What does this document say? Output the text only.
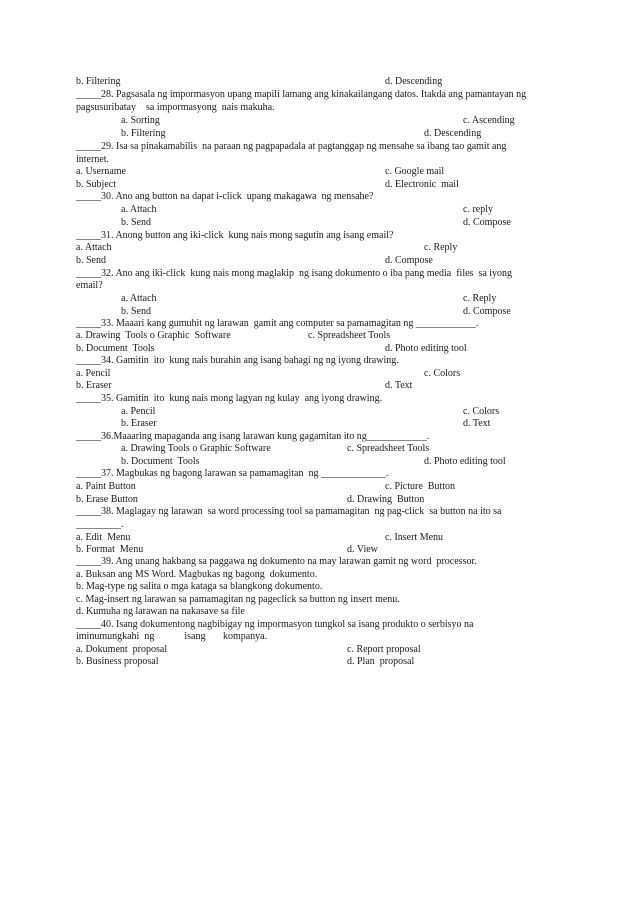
b. Filtering	d. Descending
_____28. Pagsasala ng impormasyon upang mapili lamang ang kinakailangang datos. Itakda ang pamantayan ng
pagsusuribatay    sa impormasyong  nais makuha.
a. Sorting	c. Ascending
b. Filtering	d. Descending
_____29. Isa sa pinakamabilis  na paraan ng pagpapadala at pagtanggap ng mensahe sa ibang tao gamit ang
internet.
a. Username	c. Google mail
b. Subject	d. Electronic  mail
_____30. Ano ang button na dapat i-click  upang makagawa  ng mensahe?
a. Attach	c. reply
b. Send	d. Compose
_____31. Anong button ang iki-click  kung nais mong sagutin ang isang email?
a. Attach	c. Reply
b. Send	d. Compose
_____32. Ano ang iki-click  kung nais mong maglakip  ng isang dokumento o iba pang media  files  sa iyong
email?
a. Attach	c. Reply
b. Send	d. Compose
_____33. Maaari kang gumuhit ng larawan  gamit ang computer sa pamamagitan ng ____________.
a. Drawing  Tools o Graphic  Software	c. Spreadsheet Tools
b. Document  Tools	d. Photo editing tool
_____34. Gamitin  ito  kung nais burahin ang isang bahagi ng ng iyong drawing.
a. Pencil	c. Colors
b. Eraser	d. Text
_____35. Gamitin  ito  kung nais mong lagyan ng kulay  ang iyong drawing.
a. Pencil	c. Colors
b. Eraser	d. Text
_____36.Maaaring mapaganda ang isang larawan kung gagamitan ito ng____________.
a. Drawing Tools o Graphic Software	c. Spreadsheet Tools
b. Document  Tools	d. Photo editing tool
_____37. Magbukas ng bagong larawan sa pamamagitan  ng _____________.
a. Paint Button	c. Picture  Button
b. Erase Button	d. Drawing  Button
_____38. Maglagay ng larawan  sa word processing tool sa pamamagitan  ng pag-click  sa button na ito sa
_________.
a. Edit  Menu	c. Insert Menu
b. Format  Menu	d. View
_____39. Ang unang hakbang sa paggawa ng dokumento na may larawan gamit ng word  processor.
a. Buksan ang MS Word. Magbukas ng bagong  dokumento.
b. Mag-type ng salita o mga kataga sa blangkong dokumento.
c. Mag-insert ng larawan sa pamamagitan ng pageclick sa button ng insert menu.
d. Kumuha ng larawan na nakasave sa file
_____40. Isang dokumentong nagbibigay ng impormasyon tungkol sa isang produkto o serbisyo na
iminumungkahi  ng            isang       kompanya.
a. Dokument  proposal	c. Report proposal
b. Business proposal	d. Plan  proposal
